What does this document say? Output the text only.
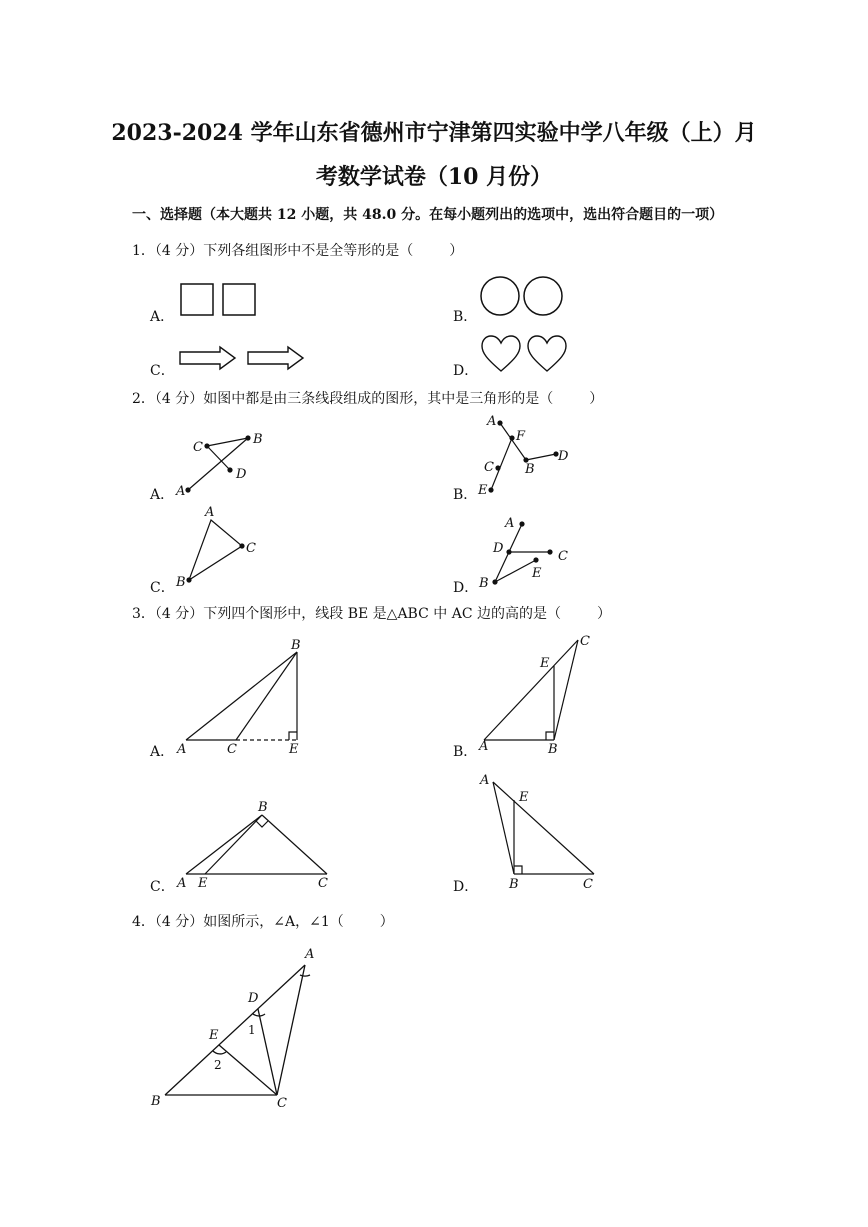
2023-2024 学年山东省德州市宁津第四实验中学八年级（上）月
考数学试卷（10 月份）
一、选择题（本大题共 12 小题，共 48.0 分。在每小题列出的选项中，选出符合题目的一项）
1．（4 分）下列各组图形中不是全等形的是（	）
A．	B．
C．	D．
2．（4 分）如图中都是由三条线段组成的图形，其中是三角形的是（	）
A．
C
B
D
A	B．
A
F
C B
D
E
C．
A
C
B	D．
A
D
C
E
B
3．（4 分）下列四个图形中，线段 BE 是△ABC 中 AC 边的高的是（	）
A．
B
A	C	E	B．
E
C
A	B
C．
B
A E	C	D．
A
E
B	C
4．（4 分）如图所示，∠A，∠1（	）
A
D
1
E
2
B	C
